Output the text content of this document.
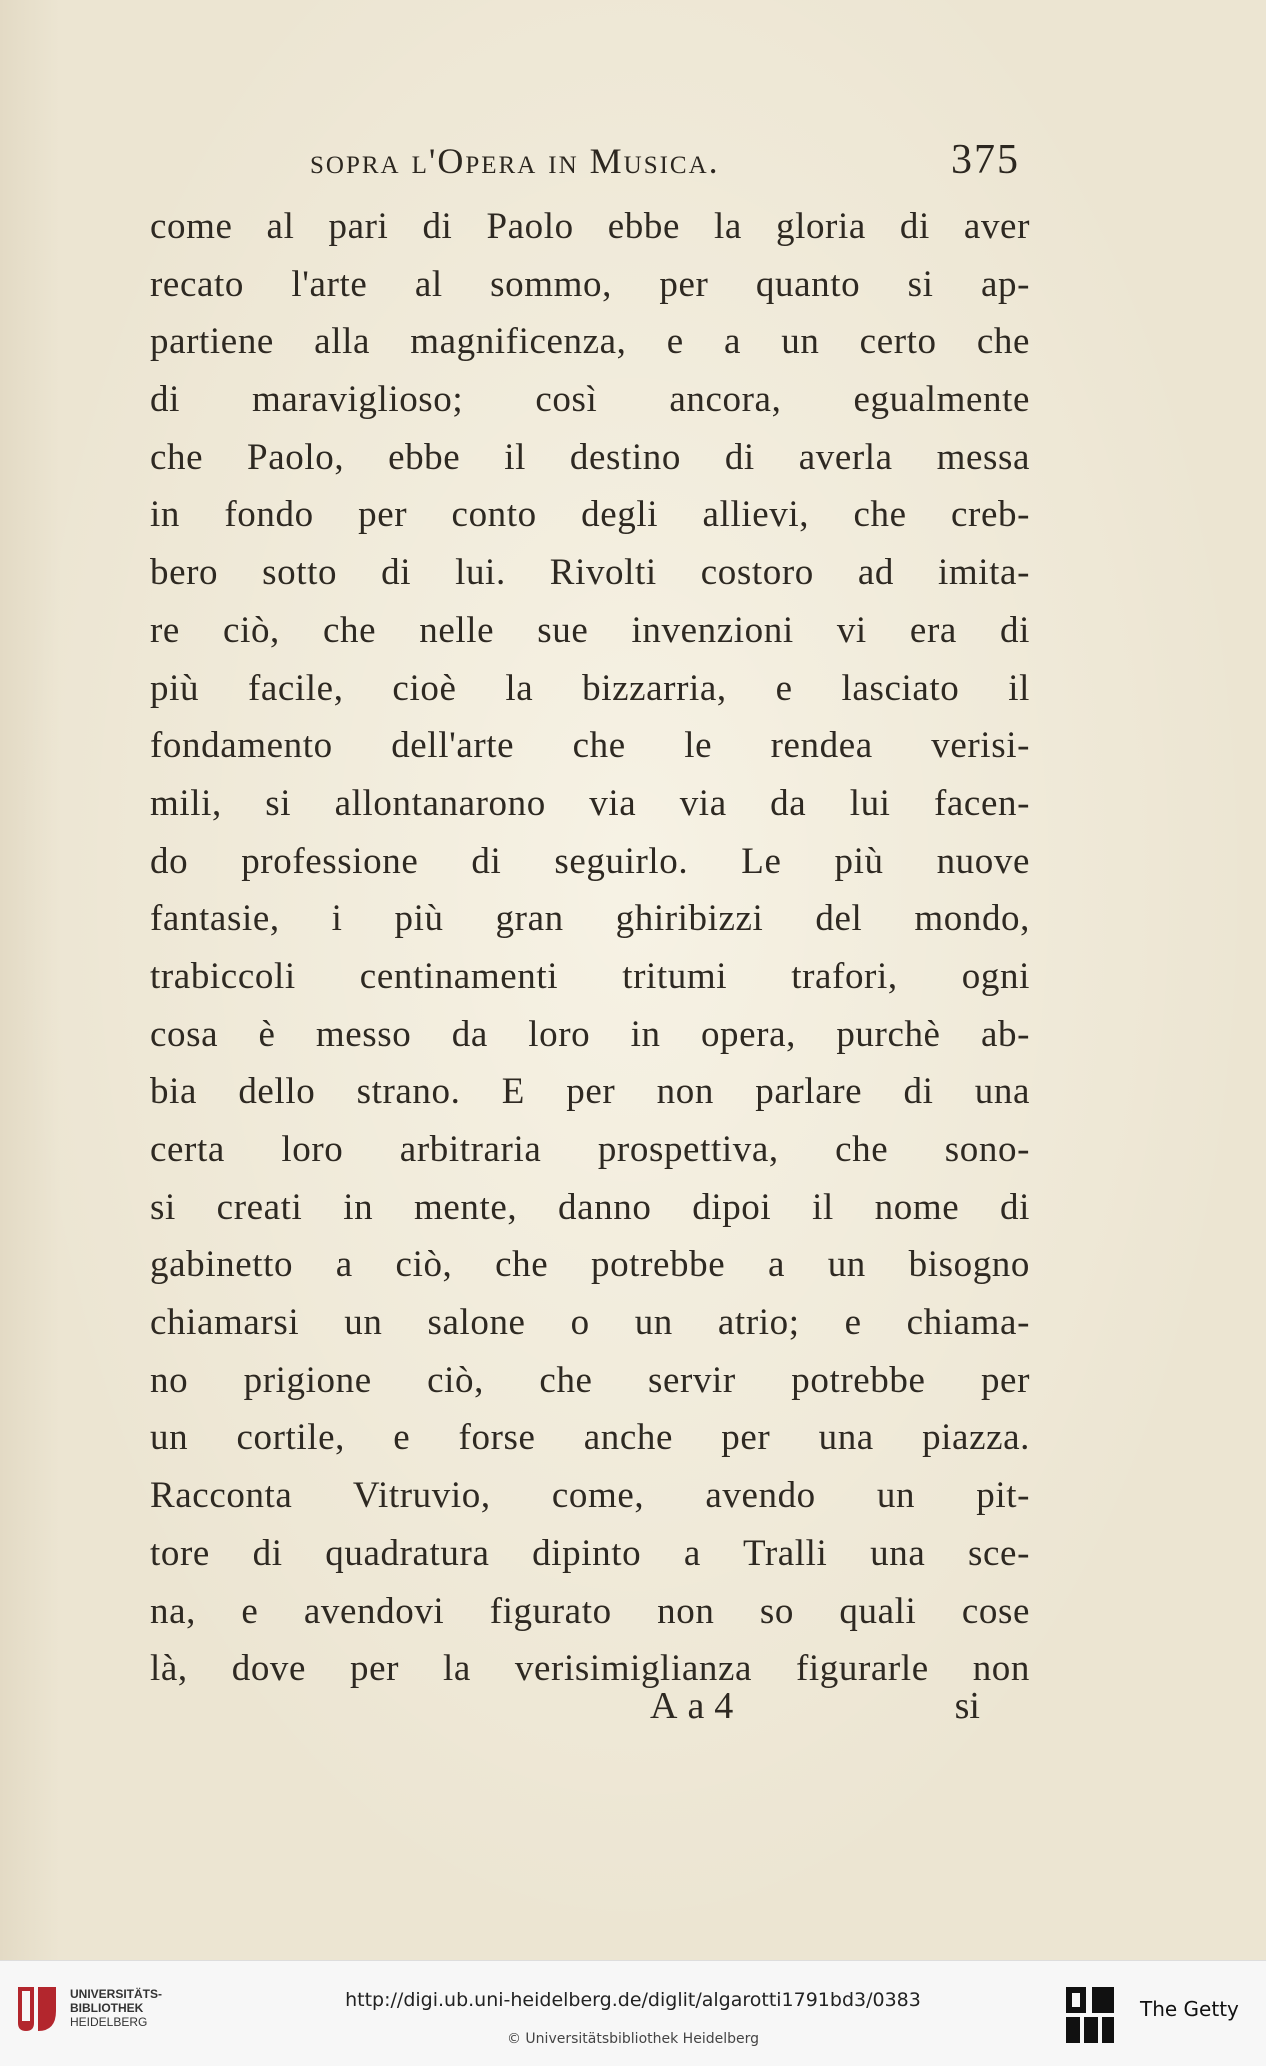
sopra l'Opera in Musica.	375
come al pari di Paolo ebbe la gloria di aver
recato l'arte al sommo, per quanto si ap-
partiene alla magnificenza, e a un certo che
di maraviglioso; così ancora, egualmente
che Paolo, ebbe il destino di averla messa
in fondo per conto degli allievi, che creb-
bero sotto di lui. Rivolti costoro ad imita-
re ciò, che nelle sue invenzioni vi era di
più facile, cioè la bizzarria, e lasciato il
fondamento dell'arte che le rendea verisi-
mili, si allontanarono via via da lui facen-
do professione di seguirlo. Le più nuove
fantasie, i più gran ghiribizzi del mondo,
trabiccoli centinamenti tritumi trafori, ogni
cosa è messo da loro in opera, purchè ab-
bia dello strano. E per non parlare di una
certa loro arbitraria prospettiva, che sono-
si creati in mente, danno dipoi il nome di
gabinetto a ciò, che potrebbe a un bisogno
chiamarsi un salone o un atrio; e chiama-
no prigione ciò, che servir potrebbe per
un cortile, e forse anche per una piazza.
Racconta Vitruvio, come, avendo un pit-
tore di quadratura dipinto a Tralli una sce-
na, e avendovi figurato non so quali cose
là, dove per la verisimiglianza figurarle non
Aa4	si
UNIVERSITÄTS-
BIBLIOTHEK
HEIDELBERG
http://digi.ub.uni-heidelberg.de/diglit/algarotti1791bd3/0383
© Universitätsbibliothek Heidelberg
The Getty
